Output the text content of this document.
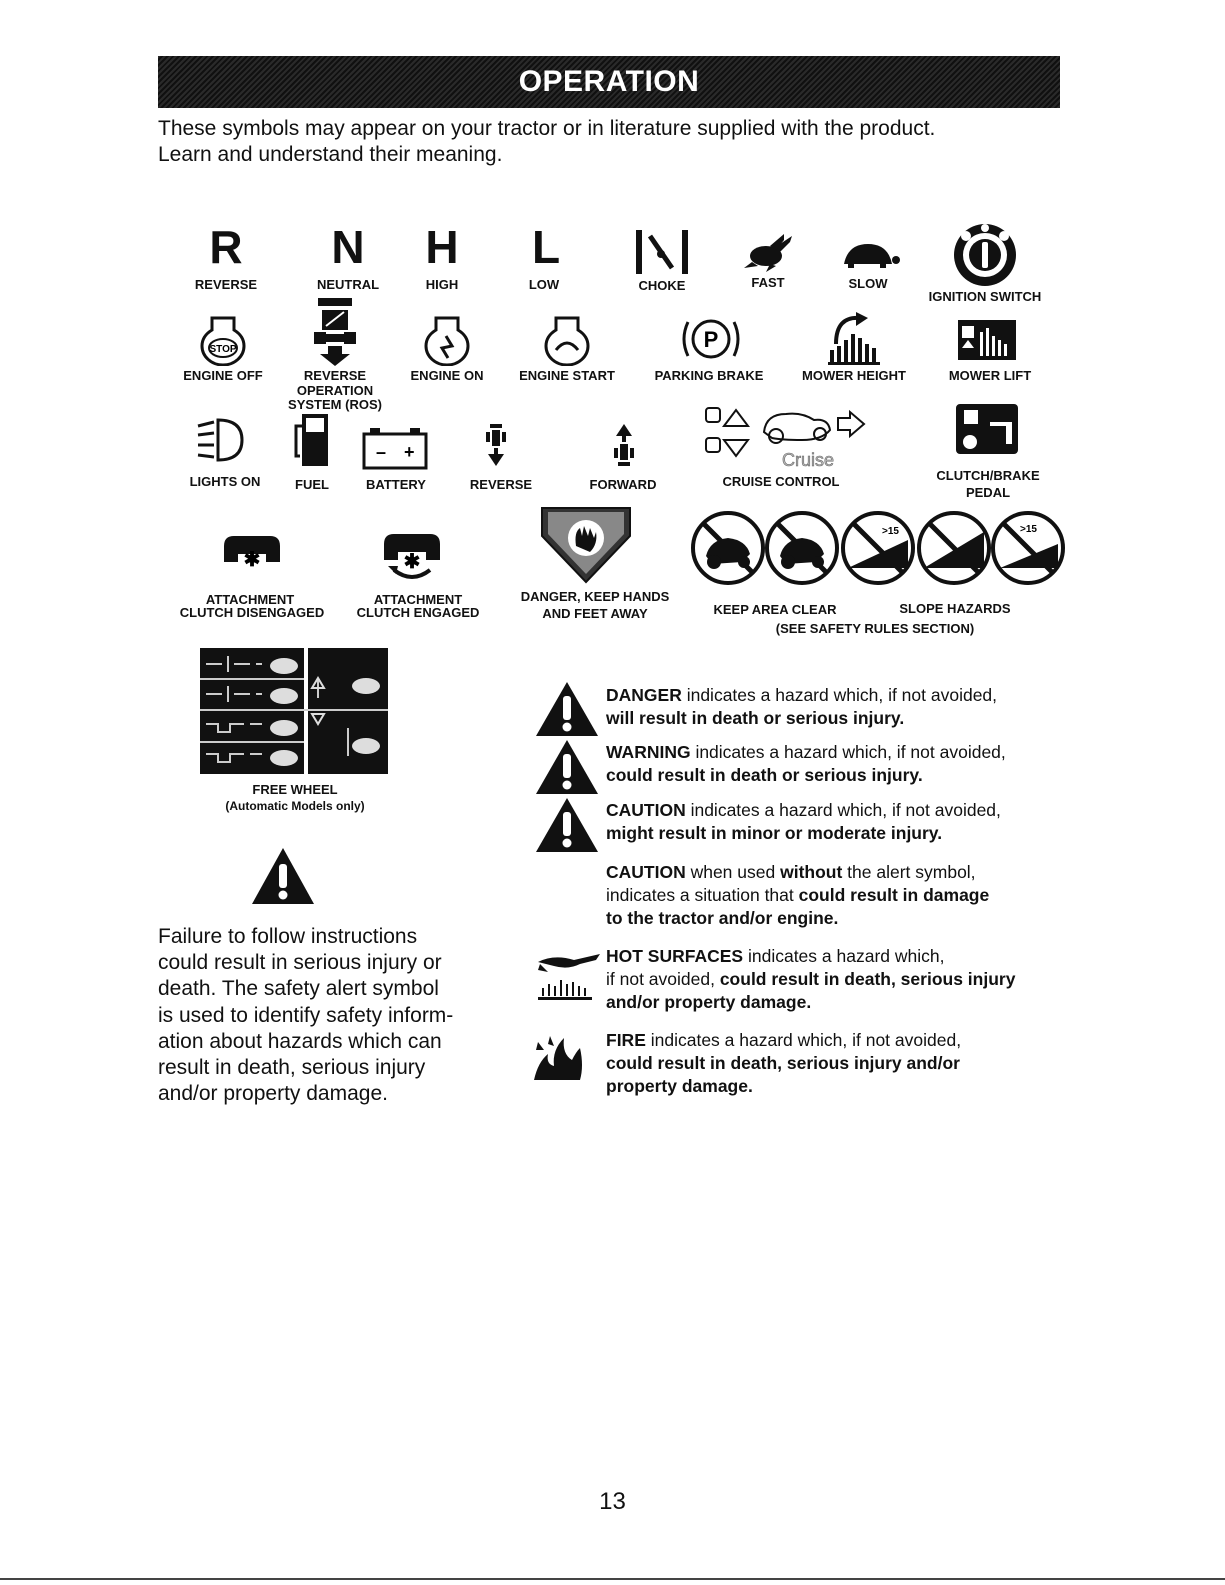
OPERATION
These symbols may appear on your tractor or in literature supplied with the product.
Learn and understand their meaning.
R
REVERSE
N
NEUTRAL
H
HIGH
L
LOW	CHOKE	FAST	SLOW
IGNITION SWITCH
STOP
ENGINE OFF	REVERSE
OPERATION
SYSTEM (ROS)
ENGINE ON	ENGINE START
P
PARKING BRAKE	MOWER HEIGHT	MOWER LIFT
LIGHTS ON	FUEL
– +
BATTERY	REVERSE	FORWARD
Cruise
CRUISE CONTROL	CLUTCH/BRAKE
PEDAL
✱
ATTACHMENT
CLUTCH DISENGAGED
✱
ATTACHMENT
CLUTCH ENGAGED
DANGER, KEEP HANDS
AND FEET AWAY
>15	>15
KEEP AREA CLEAR	SLOPE HAZARDS
(SEE SAFETY RULES SECTION)
FREE WHEEL
(Automatic Models only)
Failure to follow instructions
could result in serious injury or
death. The safety alert symbol
is used to identify safety inform-
ation about hazards which can
result in death, serious injury
and/or property damage.
DANGER indicates a hazard which, if not avoided,
will result in death or serious injury.
WARNING indicates a hazard which, if not avoided,
could result in death or serious injury.
CAUTION indicates a hazard which, if not avoided,
might result in minor or moderate injury.
CAUTION when used without the alert symbol,
indicates a situation that could result in damage
to the tractor and/or engine.
HOT SURFACES indicates a hazard which,
if not avoided, could result in death, serious injury
and/or property damage.
FIRE indicates a hazard which, if not avoided,
could result in death, serious injury and/or
property damage.
13
